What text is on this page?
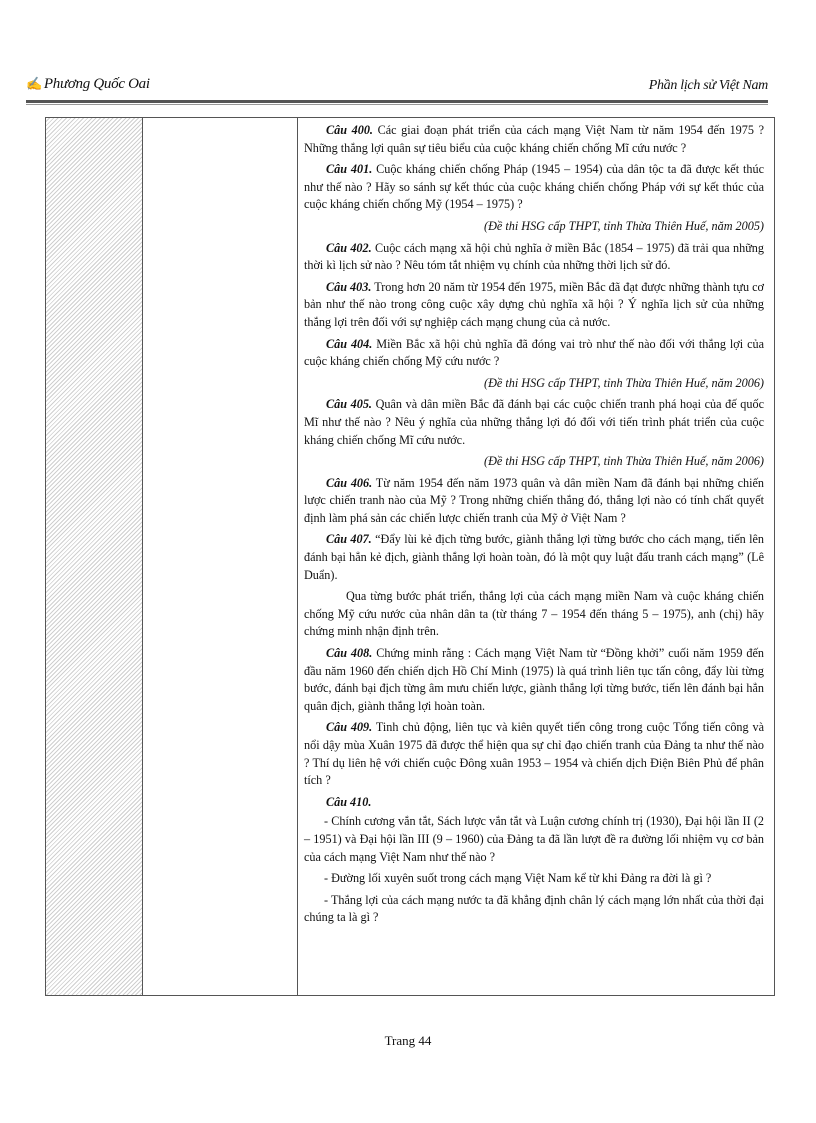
✍ Phương Quốc Oai	Phần lịch sử Việt Nam

Câu 400. Các giai đoạn phát triển của cách mạng Việt Nam từ năm 1954 đến 1975 ? Những thắng lợi quân sự tiêu biểu của cuộc kháng chiến chống Mĩ cứu nước ?

Câu 401. Cuộc kháng chiến chống Pháp (1945 – 1954) của dân tộc ta đã được kết thúc như thế nào ? Hãy so sánh sự kết thúc của cuộc kháng chiến chống Pháp với sự kết thúc của cuộc kháng chiến chống Mỹ (1954 – 1975) ?

(Đề thi HSG cấp THPT, tỉnh Thừa Thiên Huế, năm 2005)

Câu 402. Cuộc cách mạng xã hội chủ nghĩa ở miền Bắc (1854 – 1975) đã trải qua những thời kì lịch sử nào ? Nêu tóm tắt nhiệm vụ chính của những thời lịch sử đó.

Câu 403. Trong hơn 20 năm từ 1954 đến 1975, miền Bắc đã đạt được những thành tựu cơ bản như thế nào trong công cuộc xây dựng chủ nghĩa xã hội ? Ý nghĩa lịch sử của những thắng lợi trên đối với sự nghiệp cách mạng chung của cả nước.

Câu 404. Miền Bắc xã hội chủ nghĩa đã đóng vai trò như thế nào đối với thắng lợi của cuộc kháng chiến chống Mỹ cứu nước ?

(Đề thi HSG cấp THPT, tỉnh Thừa Thiên Huế, năm 2006)

Câu 405. Quân và dân miền Bắc đã đánh bại các cuộc chiến tranh phá hoại của đế quốc Mĩ như thế nào ? Nêu ý nghĩa của những thắng lợi đó đối với tiến trình phát triển của cuộc kháng chiến chống Mĩ cứu nước.

(Đề thi HSG cấp THPT, tỉnh Thừa Thiên Huế, năm 2006)

Câu 406. Từ năm 1954 đến năm 1973 quân và dân miền Nam đã đánh bại những chiến lược chiến tranh nào của Mỹ ? Trong những chiến thắng đó, thắng lợi nào có tính chất quyết định làm phá sản các chiến lược chiến tranh của Mỹ ở Việt Nam ?

Câu 407. “Đẩy lùi kẻ địch từng bước, giành thắng lợi từng bước cho cách mạng, tiến lên đánh bại hẳn kẻ địch, giành thắng lợi hoàn toàn, đó là một quy luật đấu tranh cách mạng” (Lê Duẩn).

Qua từng bước phát triển, thắng lợi của cách mạng miền Nam và cuộc kháng chiến chống Mỹ cứu nước của nhân dân ta (từ tháng 7 – 1954 đến tháng 5 – 1975), anh (chị) hãy chứng minh nhận định trên.

Câu 408. Chứng minh rằng : Cách mạng Việt Nam từ “Đồng khởi” cuối năm 1959 đến đầu năm 1960 đến chiến dịch Hồ Chí Minh (1975) là quá trình liên tục tấn công, đẩy lùi từng bước, đánh bại địch từng âm mưu chiến lược, giành thắng lợi từng bước, tiến lên đánh bại hẳn quân địch, giành thắng lợi hoàn toàn.

Câu 409. Tinh chủ động, liên tục và kiên quyết tiến công trong cuộc Tổng tiến công và nổi dậy mùa Xuân 1975 đã được thể hiện qua sự chỉ đạo chiến tranh của Đảng ta như thế nào ? Thí dụ liên hệ với chiến cuộc Đông xuân 1953 – 1954 và chiến dịch Điện Biên Phủ để phân tích ?

Câu 410.

- Chính cương vắn tắt, Sách lược vắn tắt và Luận cương chính trị (1930), Đại hội lần II (2 – 1951) và Đại hội lần III (9 – 1960) của Đảng ta đã lần lượt đề ra đường lối nhiệm vụ cơ bản của cách mạng Việt Nam như thế nào ?

- Đường lối xuyên suốt trong cách mạng Việt Nam kể từ khi Đảng ra đời là gì ?

- Thắng lợi của cách mạng nước ta đã khẳng định chân lý cách mạng lớn nhất của thời đại chúng ta là gì ?

Trang 44
